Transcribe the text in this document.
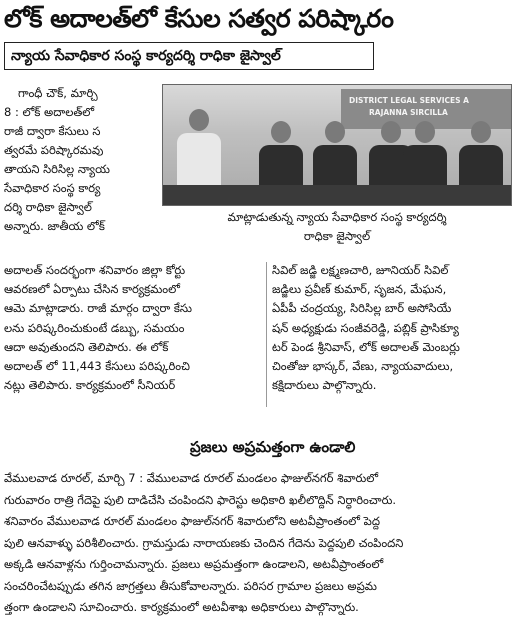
లోక్ అదాలత్‌లో కేసుల సత్వర పరిష్కారం
న్యాయ సేవాధికార సంస్థ కార్యదర్శి రాధికా జైస్వాల్
గాంధీ చౌక్, మార్చి
8 : లోక్ అదాలత్‌లో
రాజీ ద్వారా కేసులు స
త్వరమే పరిష్కారమవు
తాయని సిరిసిల్ల న్యాయ
సేవాధికార సంస్థ కార్య
దర్శి రాధికా జైస్వాల్
అన్నారు. జాతీయ లోక్
DISTRICT LEGAL SERVICES A
RAJANNA SIRCILLA
మాట్లాడుతున్న న్యాయ సేవాధికార సంస్థ కార్యదర్శి
రాధికా జైస్వాల్
అదాలత్ సందర్భంగా శనివారం జిల్లా కోర్టు
ఆవరణలో ఏర్పాటు చేసిన కార్యక్రమంలో
ఆమె మాట్లాడారు. రాజీ మార్గం ద్వారా కేసు
లను పరిష్కరించుకుంటే డబ్బు, సమయం
ఆదా అవుతుందని తెలిపారు. ఈ లోక్
అదాలత్ లో 11,443 కేసులు పరిష్కరించి
నట్లు తెలిపారు. కార్యక్రమంలో సీనియర్
సివిల్ జడ్జి లక్ష్మణచారి, జూనియర్ సివిల్
జడ్జిలు ప్రవీణ్ కుమార్, సృజన, మేఘన,
ఏపీపీ చంద్రయ్య, సిరిసిల్ల బార్ అసోసియే
షన్ అధ్యక్షుడు సంజీవరెడ్డి, పబ్లిక్ ప్రాసిక్యూ
టర్ పెండ శ్రీనివాస్, లోక్ అదాలత్ మెంబర్లు
చింతోజు భాస్కర్, వేణు, న్యాయవాదులు,
కక్షిదారులు పాల్గొన్నారు.
ప్రజలు అప్రమత్తంగా ఉండాలి
వేములవాడ రూరల్, మార్చి 7 : వేములవాడ రూరల్ మండలం ఫాజుల్‌నగర్ శివారులో
గురువారం రాత్రి గేదెపై పులి దాడిచేసి చంపిందని ఫారెస్టు అధికారి ఖలీలొద్దిన్ నిర్ధారించారు.
శనివారం వేములవాడ రూరల్ మండలం ఫాజుల్‌నగర్ శివారులోని అటవీప్రాంతంలో పెద్ద
పులి ఆనవాళ్ళు పరిశీలించారు. గ్రామస్తుడు నారాయణకు చెందిన గేదెను పెద్దపులి చంపిందని
అక్కడి ఆనవాళ్లను గుర్తించామన్నారు. ప్రజలు అప్రమత్తంగా ఉండాలని, అటవీప్రాంతంలో
సంచరించేటప్పుడు తగిన జాగ్రత్తలు తీసుకోవాలన్నారు. పరిసర గ్రామాల ప్రజలు అప్రమ
త్తంగా ఉండాలని సూచించారు. కార్యక్రమంలో అటవీశాఖ అధికారులు పాల్గొన్నారు.
